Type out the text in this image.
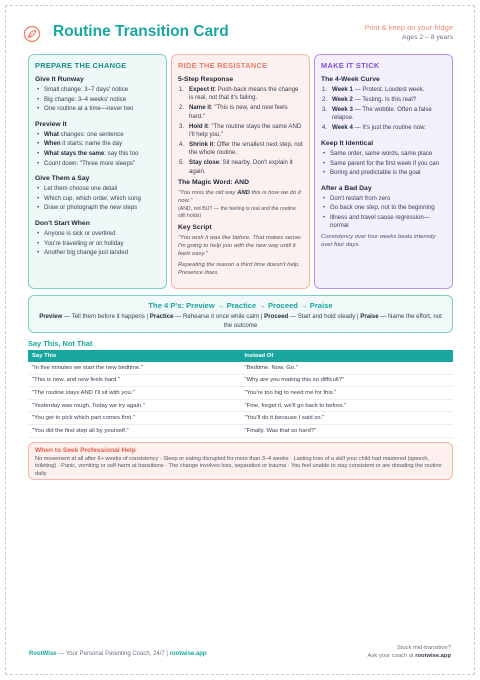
Routine Transition Card	Print & keep on your fridge
Ages 2 – 8 years
PREPARE THE CHANGE
Give It Runway
• Small change: 3–7 days' notice
• Big change: 3–4 weeks' notice
• One routine at a time—never two
Preview It
• What changes: one sentence
• When it starts: name the day
• What stays the same: say this too
• Count down: "Three more sleeps"
Give Them a Say
• Let them choose one detail
• Which cup, which order, which song
• Draw or photograph the new steps
Don't Start When
• Anyone is sick or overtired
• You're travelling or on holiday
• Another big change just landed
RIDE THE RESISTANCE
5-Step Response
1. Expect it: Push-back means the change is real, not that it's failing.
2. Name it: "This is new, and new feels hard."
3. Hold it: "The routine stays the same AND I'll help you."
4. Shrink it: Offer the smallest next step, not the whole routine.
5. Stay close: Sit nearby. Don't explain it again.
The Magic Word: AND
"You miss the old way AND this is how we do it now."
(AND, not BUT — the feeling is real and the routine still holds)
Key Script
"You wish it was like before. That makes sense. I'm going to help you with the new way until it feels easy."
Repeating the reason a third time doesn't help. Presence does.
MAKE IT STICK
The 4-Week Curve
1. Week 1 — Protest. Loudest week.
2. Week 2 — Testing. Is this real?
3. Week 3 — The wobble. Often a false relapse.
4. Week 4 — It's just the routine now.
Keep It Identical
• Same order, same words, same place
• Same parent for the first week if you can
• Boring and predictable is the goal
After a Bad Day
• Don't restart from zero
• Go back one step, not to the beginning
• Illness and travel cause regression—normal
Consistency over four weeks beats intensity over four days.
The 4 P's: Preview → Practice → Proceed → Praise
Preview — Tell them before it happens | Practice — Rehearse it once while calm | Proceed — Start and hold steady | Praise — Name the effort, not the outcome
Say This, Not That
Say This	Instead Of
"In five minutes we start the new bedtime."	"Bedtime. Now. Go."
"This is new, and new feels hard."	"Why are you making this so difficult?"
"The routine stays AND I'll sit with you."	"You're too big to need me for this."
"Yesterday was rough. Today we try again."	"Fine, forget it, we'll go back to before."
"You get to pick which part comes first."	"You'll do it because I said so."
"You did the first step all by yourself."	"Finally. Was that so hard?"
When to Seek Professional Help
No movement at all after 6+ weeks of consistency · Sleep or eating disrupted for more than 3–4 weeks · Lasting loss of a skill your child had mastered (speech, toileting) · Panic, vomiting or self-harm at transitions · The change involves loss, separation or trauma · You feel unable to stay consistent or are dreading the routine daily
RootWise — Your Personal Parenting Coach, 24/7 | rootwise.app
Stuck mid-transition?
Ask your coach at rootwise.app
